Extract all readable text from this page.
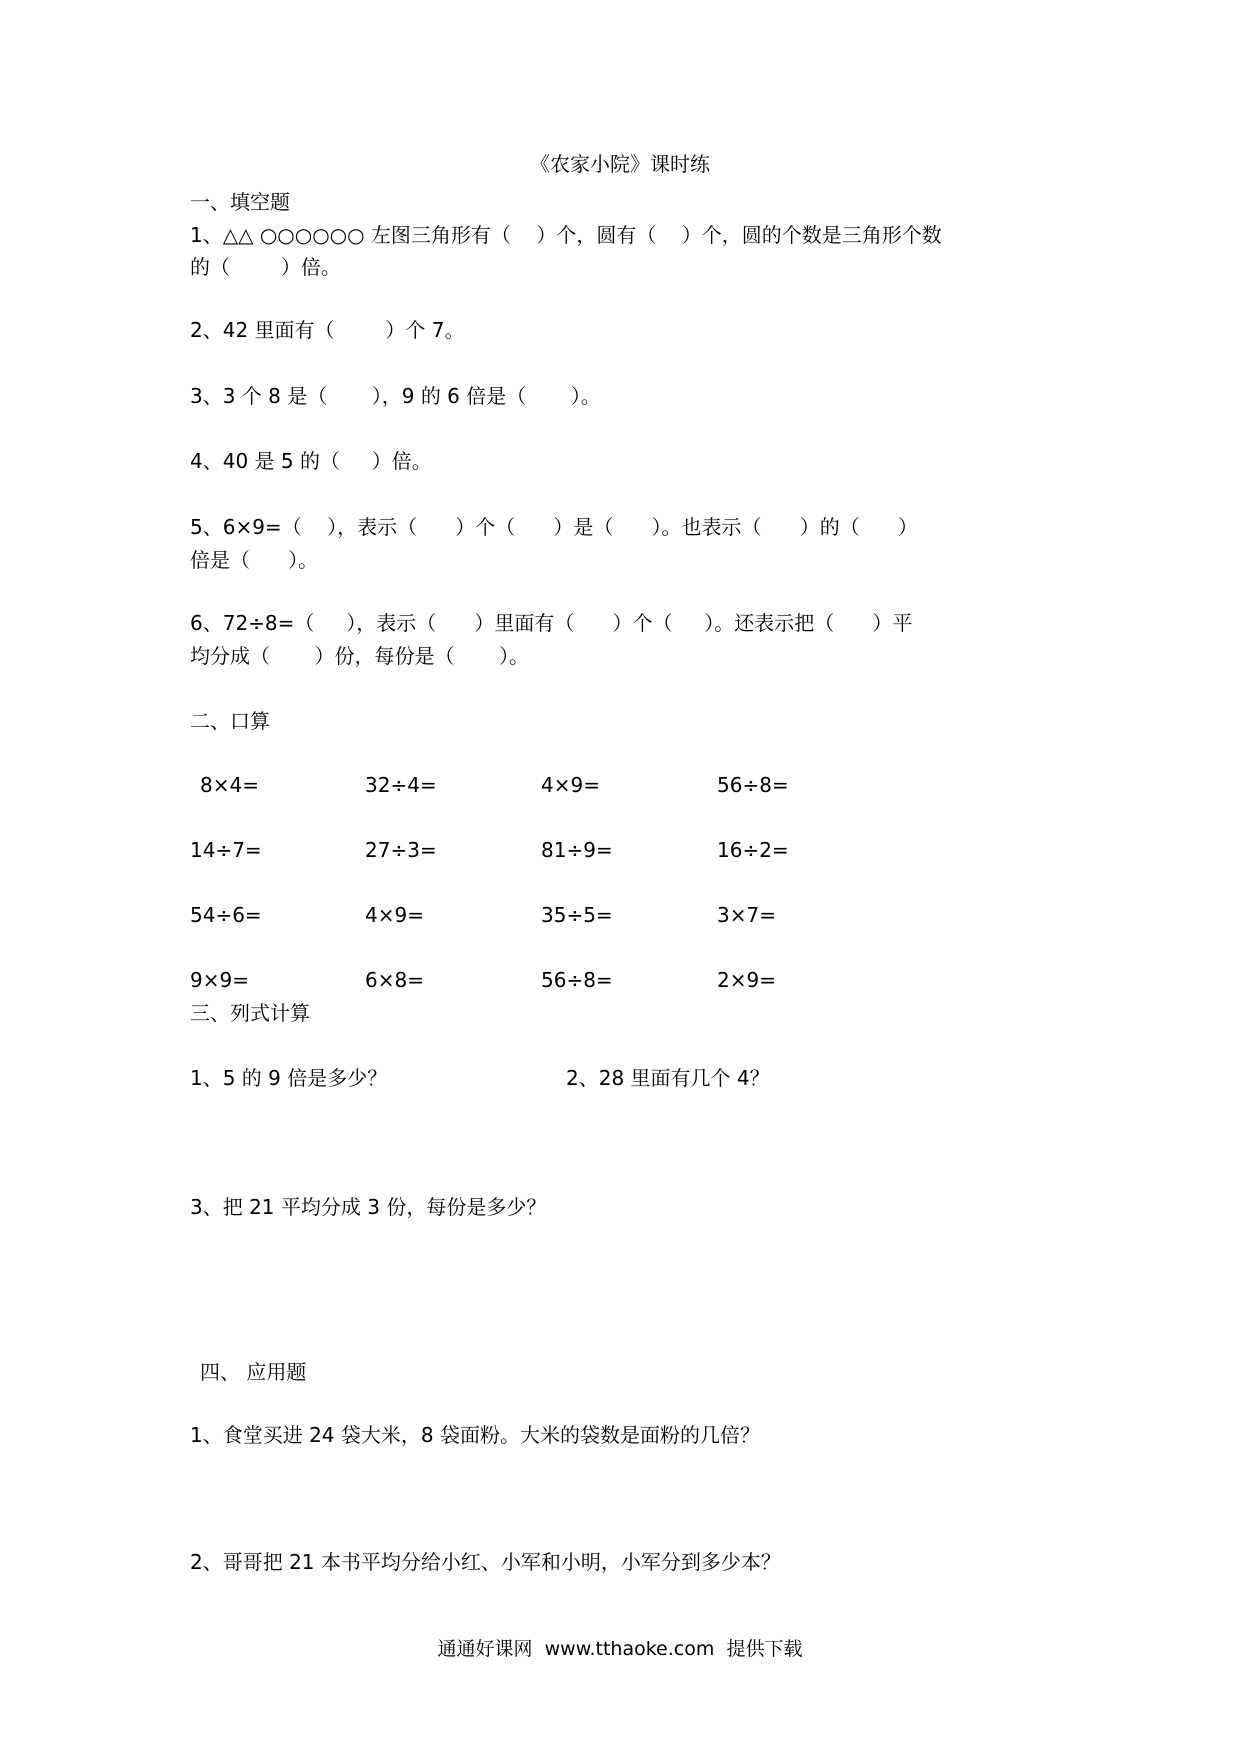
《农家小院》课时练
一、填空题
1、△△ ○○○○○○ 左图三角形有（    ）个，圆有（    ）个，圆的个数是三角形个数
的（        ）倍。
2、42 里面有（        ）个 7。
3、3 个 8 是（       ），9 的 6 倍是（       ）。
4、40 是 5 的（     ）倍。
5、6×9=（    ），表示（      ）个（      ）是（      ）。也表示（      ）的（      ）
倍是（      ）。
6、72÷8=（     ），表示（      ）里面有（      ）个（     ）。还表示把（      ）平
均分成（       ）份，每份是（       ）。
二、口算
8×4=	32÷4=	4×9=	56÷8=
14÷7=	27÷3=	81÷9=	16÷2=
54÷6=	4×9=	35÷5=	3×7=
9×9=	6×8=	56÷8=	2×9=
三、列式计算
1、5 的 9 倍是多少？	2、28 里面有几个 4？
3、把 21 平均分成 3 份，每份是多少？
四、 应用题
1、食堂买进 24 袋大米，8 袋面粉。大米的袋数是面粉的几倍？
2、哥哥把 21 本书平均分给小红、小军和小明，小军分到多少本？
通通好课网  www.tthaoke.com  提供下载
